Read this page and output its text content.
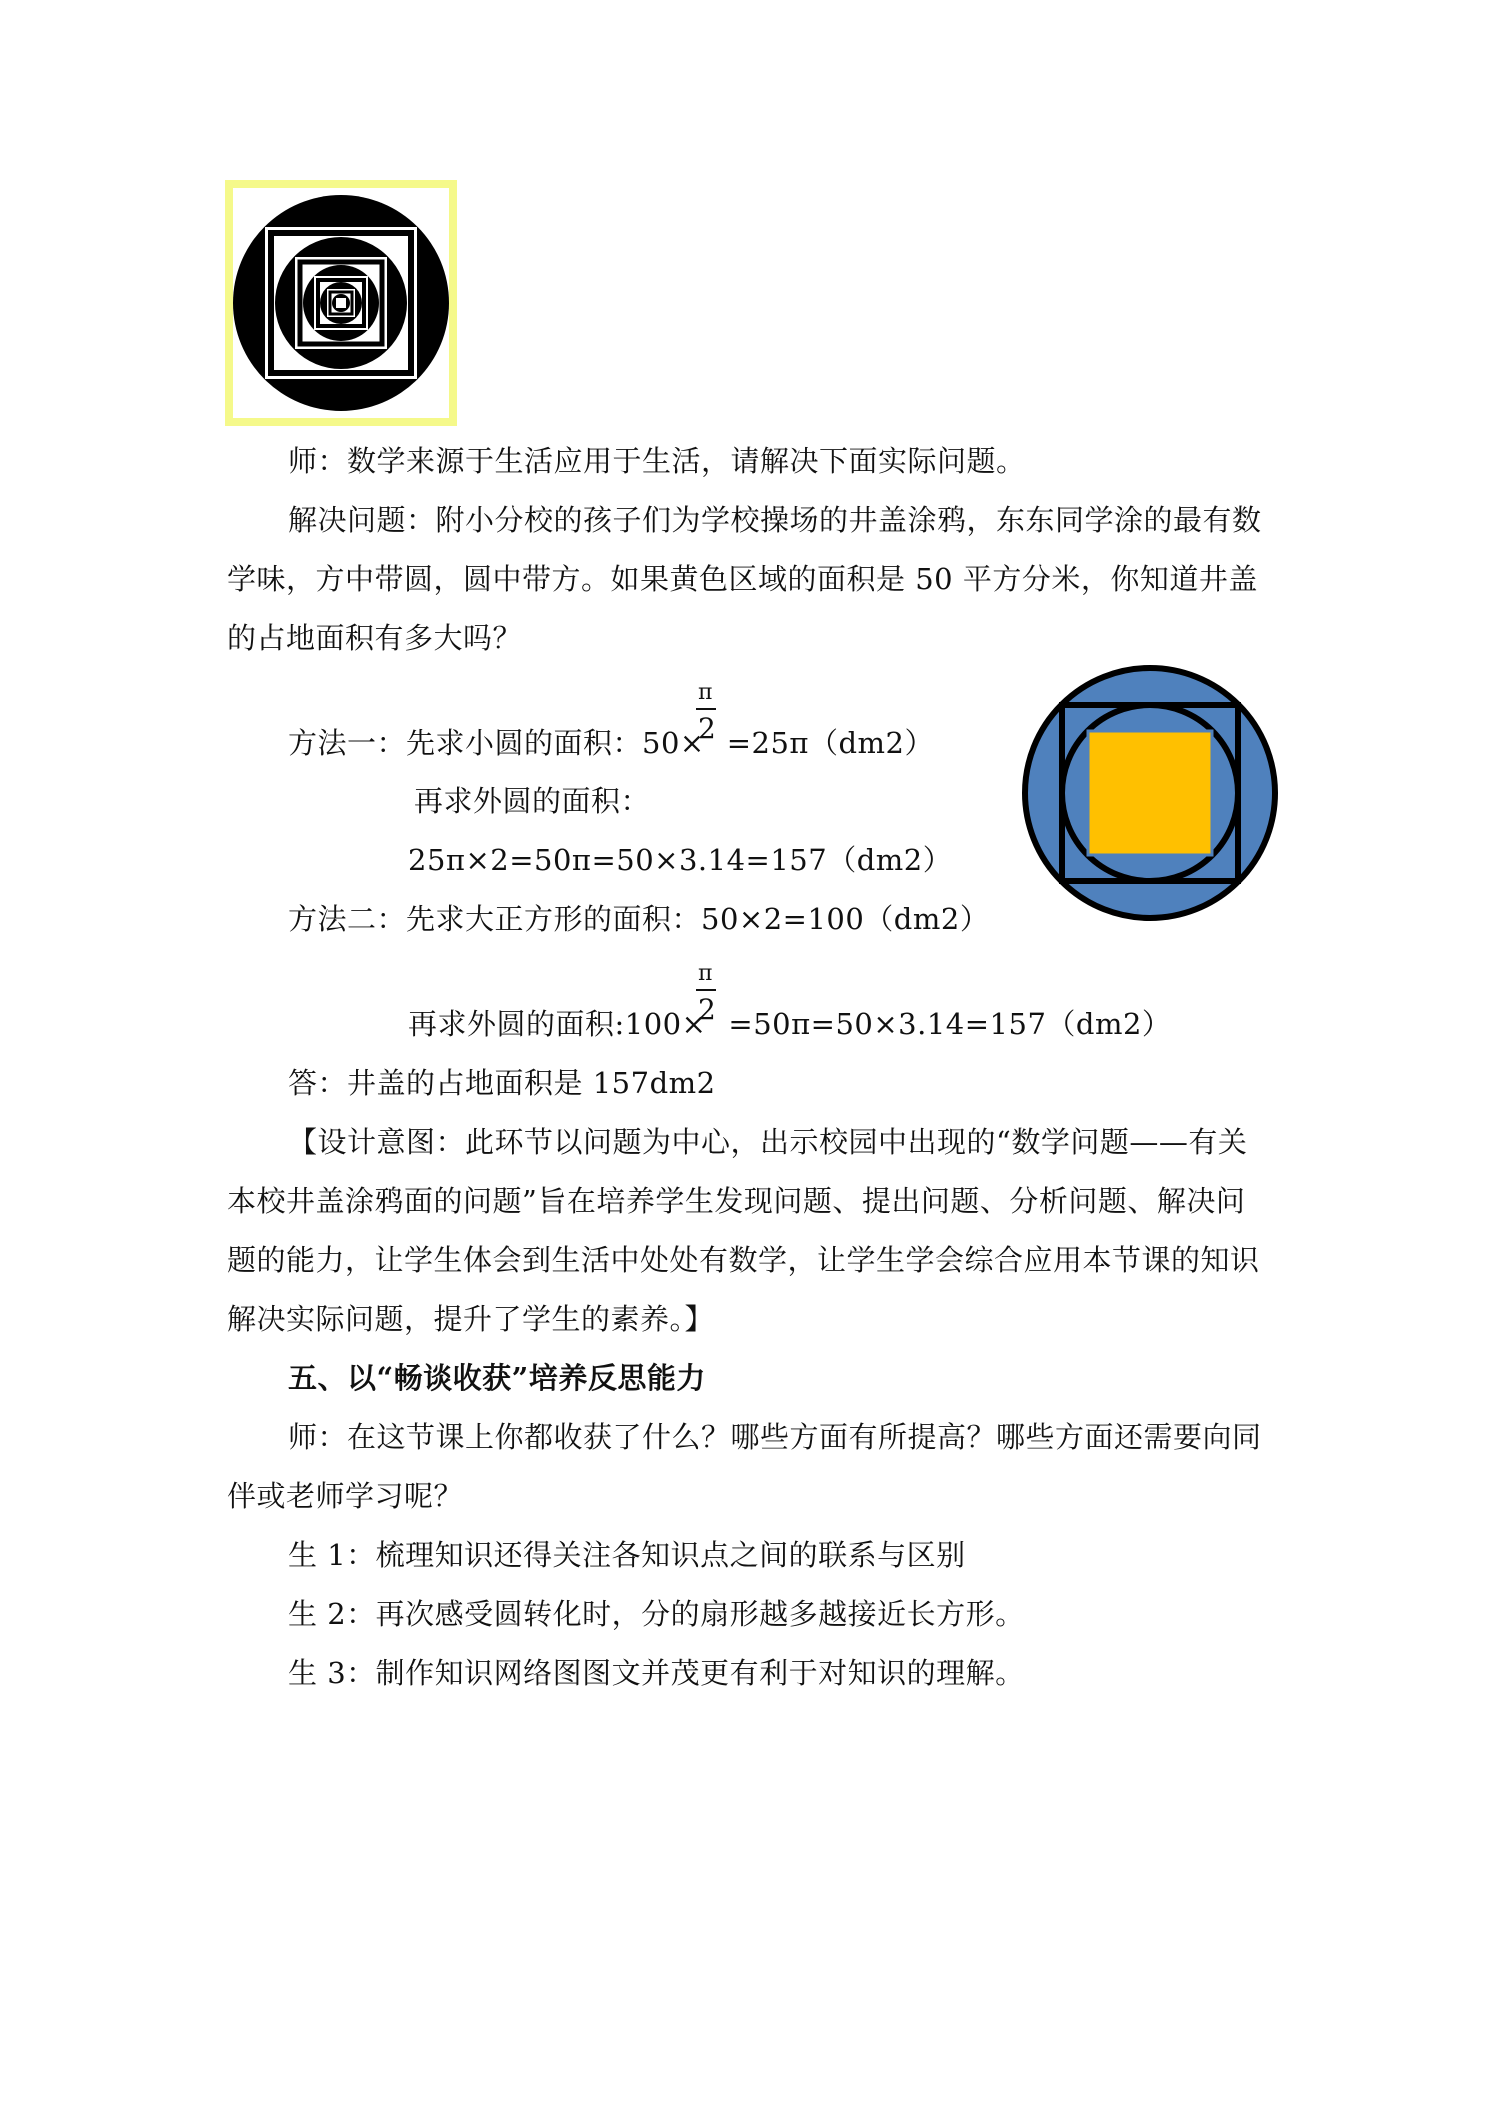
师：数学来源于生活应用于生活，请解决下面实际问题。
解决问题：附小分校的孩子们为学校操场的井盖涂鸦，东东同学涂的最有数
学味，方中带圆，圆中带方。如果黄色区域的面积是 50 平方分米，你知道井盖
的占地面积有多大吗？
π
2
方法一：先求小圆的面积：50× =25π（dm2）
再求外圆的面积：
25π×2=50π=50×3.14=157（dm2）
方法二：先求大正方形的面积：50×2=100（dm2）
π
2
再求外圆的面积:100× =50π=50×3.14=157（dm2）
答：井盖的占地面积是 157dm2
【设计意图：此环节以问题为中心，出示校园中出现的“数学问题——有关
本校井盖涂鸦面的问题”旨在培养学生发现问题、提出问题、分析问题、解决问
题的能力，让学生体会到生活中处处有数学，让学生学会综合应用本节课的知识
解决实际问题，提升了学生的素养。】
五、以“畅谈收获”培养反思能力
师：在这节课上你都收获了什么？哪些方面有所提高？哪些方面还需要向同
伴或老师学习呢？
生 1：梳理知识还得关注各知识点之间的联系与区别
生 2：再次感受圆转化时，分的扇形越多越接近长方形。
生 3：制作知识网络图图文并茂更有利于对知识的理解。
